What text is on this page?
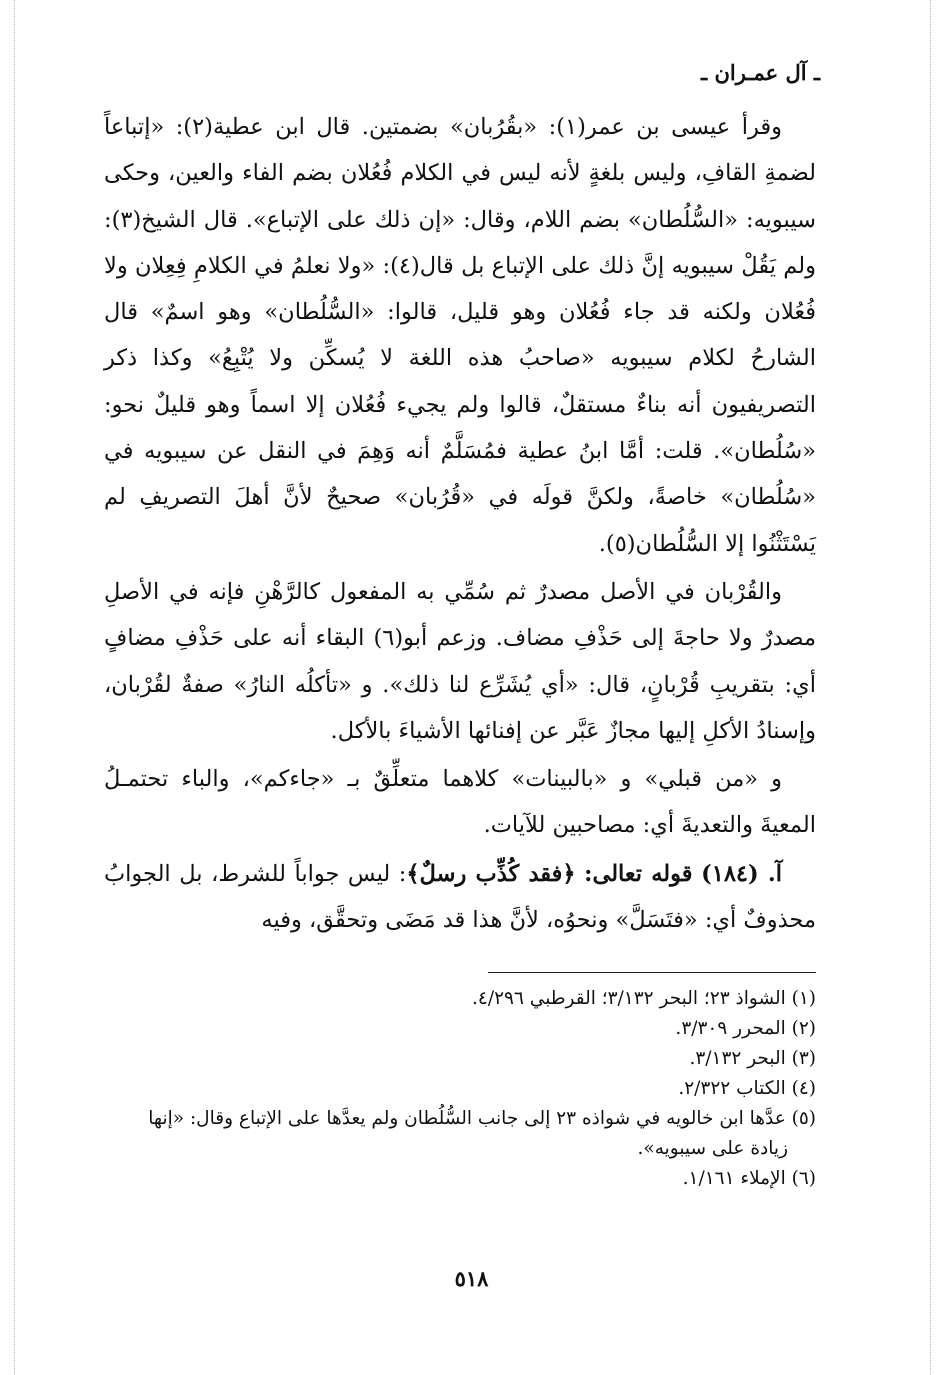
ـ آل عمـران ـ

وقرأ عيسى بن عمر(١): «بقُرُبان» بضمتين. قال ابن عطية(٢): «إتباعاً لضمةِ القافِ، وليس بلغةٍ لأنه ليس في الكلام فُعُلان بضم الفاء والعين، وحكى سيبويه: «السُّلُطان» بضم اللام، وقال: «إن ذلك على الإتباع». قال الشيخ(٣): ولم يَقُلْ سيبويه إنَّ ذلك على الإتباع بل قال(٤): «ولا نعلمُ في الكلامِ فِعِلان ولا فُعُلان ولكنه قد جاء فُعُلان وهو قليل، قالوا: «السُّلُطان» وهو اسمٌ» قال الشارحُ لكلام سيبويه «صاحبُ هذه اللغة لا يُسكِّن ولا يُتْبِعُ» وكذا ذكر التصريفيون أنه بناءٌ مستقلٌ، قالوا ولم يجيء فُعُلان إلا اسماً وهو قليلٌ نحو: «سُلُطان». قلت: أمَّا ابنُ عطية فمُسَلَّمٌ أنه وَهِمَ في النقل عن سيبويه في «سُلُطان» خاصةً، ولكنَّ قولَه في «قُرُبان» صحيحٌ لأنَّ أهلَ التصريفِ لم يَسْتَثْنُوا إلا السُّلُطان(٥).

والقُرْبان في الأصل مصدرٌ ثم سُمِّي به المفعول كالرَّهْنِ فإنه في الأصلِ مصدرٌ ولا حاجةَ إلى حَذْفِ مضاف. وزعم أبو(٦) البقاء أنه على حَذْفِ مضافٍ أي: بتقريبِ قُرْبانٍ، قال: «أي يُشَرِّع لنا ذلك». و «تأكلُه النارُ» صفةٌ لقُرْبان، وإسنادُ الأكلِ إليها مجازٌ عَبَّر عن إفنائها الأشياءَ بالأكل.

و «من قبلي» و «بالبينات» كلاهما متعلِّقٌ بـ «جاءكم»، والباء تحتمـلُ المعيةَ والتعديةَ أي: مصاحبين للآيات.

آ. (١٨٤) قوله تعالى: ﴿فقد كُذِّب رسلٌ﴾: ليس جواباً للشرط، بل الجوابُ محذوفٌ أي: «فتَسَلَّ» ونحوُه، لأنَّ هذا قد مَضَى وتحقَّق، وفيه

(١) الشواذ ٢٣؛ البحر ٣/١٣٢؛ القرطبي ٤/٢٩٦.

(٢) المحرر ٣/٣٠٩.

(٣) البحر ٣/١٣٢.

(٤) الكتاب ٢/٣٢٢.

(٥) عدَّها ابن خالويه في شواذه ٢٣ إلى جانب السُّلُطان ولم يعدَّها على الإتباع وقال: «إنها

زيادة على سيبويه».

(٦) الإملاء ١/١٦١.

٥١٨
